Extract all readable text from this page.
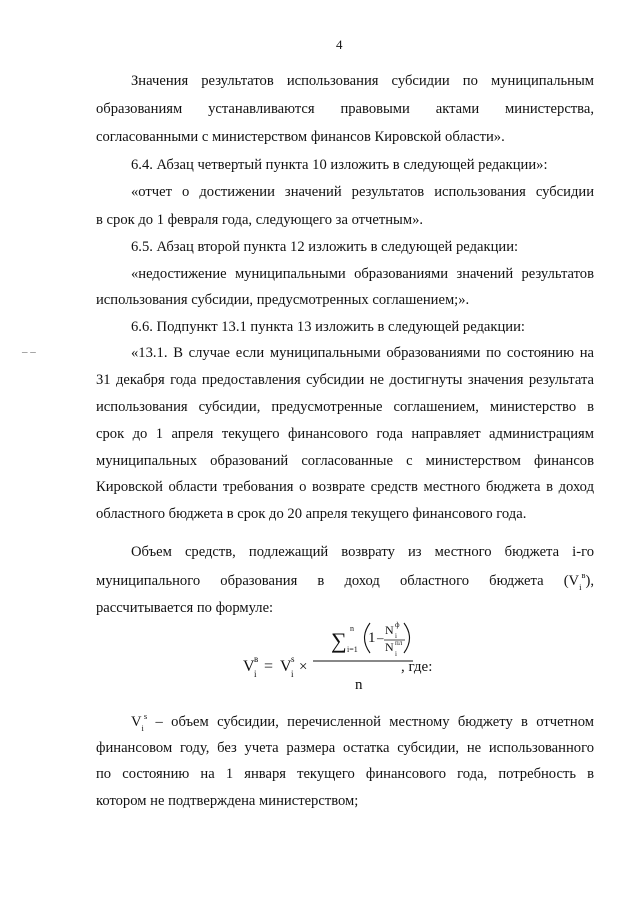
4
– –
Значения результатов использования субсидии по муниципальным
образованиям устанавливаются правовыми актами министерства,
согласованными с министерством финансов Кировской области».
6.4. Абзац четвертый пункта 10 изложить в следующей редакции»:
«отчет о достижении значений результатов использования субсидии
в срок до 1 февраля года, следующего за отчетным».
6.5. Абзац второй пункта 12 изложить в следующей редакции:
«недостижение муниципальными образованиями значений результатов
использования субсидии, предусмотренных соглашением;».
6.6. Подпункт 13.1 пункта 13 изложить в следующей редакции:
«13.1. В случае если муниципальными образованиями по состоянию на
31 декабря года предоставления субсидии не достигнуты значения результата
использования субсидии, предусмотренные соглашением, министерство в
срок до 1 апреля текущего финансового года направляет администрациям
муниципальных образований согласованные с министерством финансов
Кировской области требования о возврате средств местного бюджета в доход
областного бюджета в срок до 20 апреля текущего финансового года.
Объем средств, подлежащий возврату из местного бюджета i-го
муниципального образования в доход областного бюджета $(V_i^в)$,
рассчитывается по формуле:
V i
в = V i
s ×
∑ n
i=1
1 – N ф
i
N пл
i
n
, где:
$V_i^s$ – объем субсидии, перечисленной местному бюджету в отчетном
финансовом году, без учета размера остатка субсидии, не использованного
по состоянию на 1 января текущего финансового года, потребность в
котором не подтверждена министерством;
